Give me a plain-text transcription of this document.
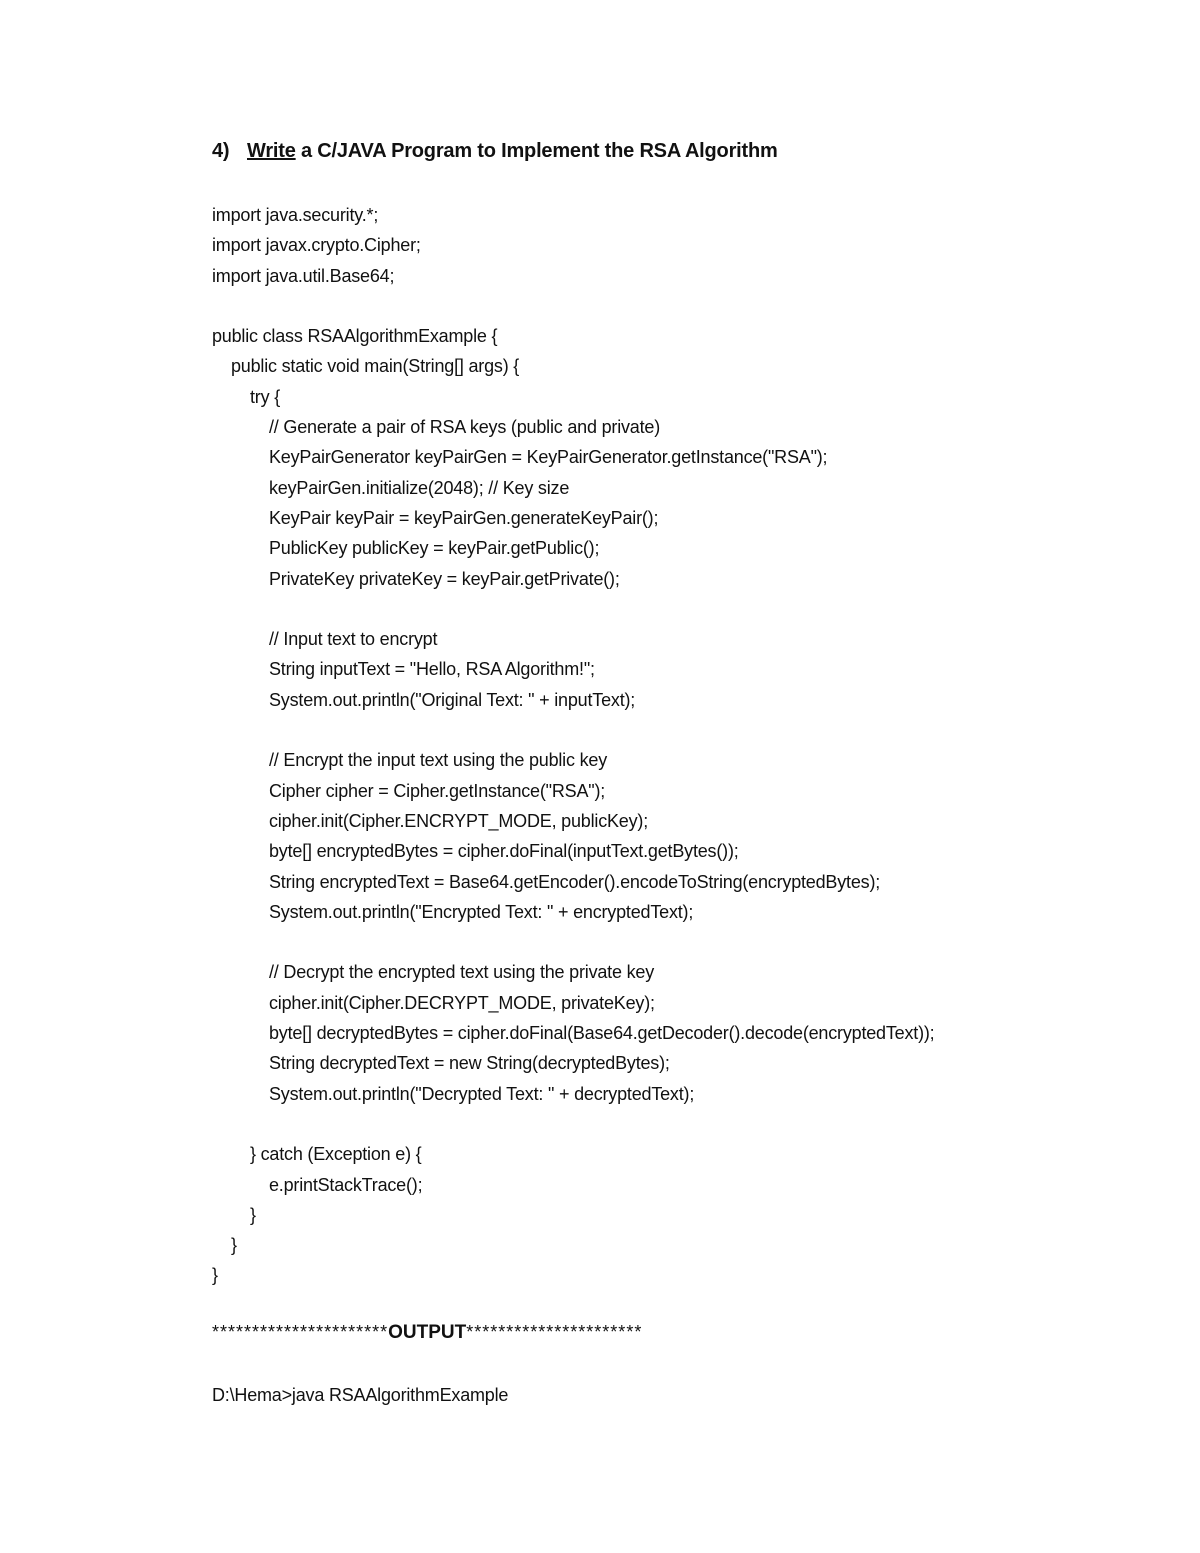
4) Write a C/JAVA Program to Implement the RSA Algorithm
import java.security.*;
import javax.crypto.Cipher;
import java.util.Base64;
public class RSAAlgorithmExample {
public static void main(String[] args) {
try {
// Generate a pair of RSA keys (public and private)
KeyPairGenerator keyPairGen = KeyPairGenerator.getInstance("RSA");
keyPairGen.initialize(2048); // Key size
KeyPair keyPair = keyPairGen.generateKeyPair();
PublicKey publicKey = keyPair.getPublic();
PrivateKey privateKey = keyPair.getPrivate();
// Input text to encrypt
String inputText = "Hello, RSA Algorithm!";
System.out.println("Original Text: " + inputText);
// Encrypt the input text using the public key
Cipher cipher = Cipher.getInstance("RSA");
cipher.init(Cipher.ENCRYPT_MODE, publicKey);
byte[] encryptedBytes = cipher.doFinal(inputText.getBytes());
String encryptedText = Base64.getEncoder().encodeToString(encryptedBytes);
System.out.println("Encrypted Text: " + encryptedText);
// Decrypt the encrypted text using the private key
cipher.init(Cipher.DECRYPT_MODE, privateKey);
byte[] decryptedBytes = cipher.doFinal(Base64.getDecoder().decode(encryptedText));
String decryptedText = new String(decryptedBytes);
System.out.println("Decrypted Text: " + decryptedText);
} catch (Exception e) {
e.printStackTrace();
}
}
}
**********************OUTPUT**********************
D:\Hema>java RSAAlgorithmExample
